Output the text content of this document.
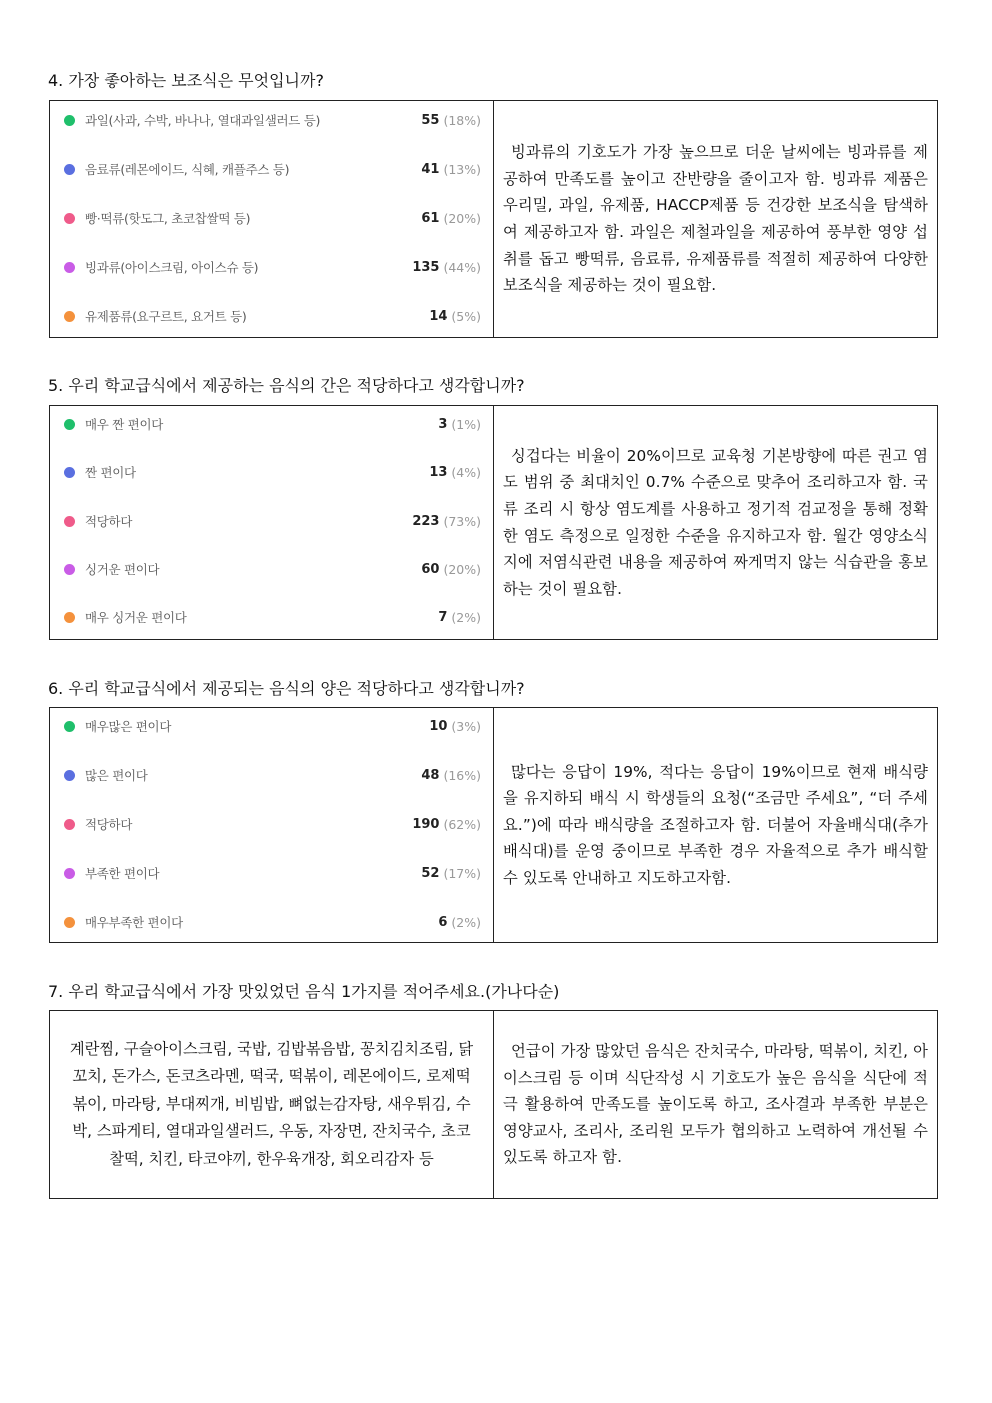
4. 가장 좋아하는 보조식은 무엇입니까?
과일(사과, 수박, 바나나, 열대과일샐러드 등)	55 (18%)
음료류(레몬에이드, 식혜, 캐플주스 등)	41 (13%)
빵·떡류(핫도그, 초코찹쌀떡 등)	61 (20%)
빙과류(아이스크림, 아이스슈 등)	135 (44%)
유제품류(요구르트, 요거트 등)	14 (5%)

빙과류의 기호도가 가장 높으므로 더운 날씨에는 빙과류를 제공하여 만족도를 높이고 잔반량을 줄이고자 함. 빙과류 제품은 우리밀, 과일, 유제품, HACCP제품 등 건강한 보조식을 탐색하여 제공하고자 함. 과일은 제철과일을 제공하여 풍부한 영양 섭취를 돕고 빵떡류, 음료류, 유제품류를 적절히 제공하여 다양한 보조식을 제공하는 것이 필요함.

5. 우리 학교급식에서 제공하는 음식의 간은 적당하다고 생각합니까?
매우 짠 편이다	3 (1%)
짠 편이다	13 (4%)
적당하다	223 (73%)
싱거운 편이다	60 (20%)
매우 싱거운 편이다	7 (2%)

싱겁다는 비율이 20%이므로 교육청 기본방향에 따른 권고 염도 범위 중 최대치인 0.7% 수준으로 맞추어 조리하고자 함. 국류 조리 시 항상 염도계를 사용하고 정기적 검교정을 통해 정확한 염도 측정으로 일정한 수준을 유지하고자 함. 월간 영양소식지에 저염식관련 내용을 제공하여 짜게먹지 않는 식습관을 홍보하는 것이 필요함.

6. 우리 학교급식에서 제공되는 음식의 양은 적당하다고 생각합니까?
매우많은 편이다	10 (3%)
많은 편이다	48 (16%)
적당하다	190 (62%)
부족한 편이다	52 (17%)
매우부족한 편이다	6 (2%)

많다는 응답이 19%, 적다는 응답이 19%이므로 현재 배식량을 유지하되 배식 시 학생들의 요청(“조금만 주세요”, “더 주세요.”)에 따라 배식량을 조절하고자 함. 더불어 자율배식대(추가배식대)를 운영 중이므로 부족한 경우 자율적으로 추가 배식할 수 있도록 안내하고 지도하고자함.

7. 우리 학교급식에서 가장 맛있었던 음식 1가지를 적어주세요.(가나다순)

계란찜, 구슬아이스크림, 국밥, 김밥볶음밥, 꽁치김치조림, 닭꼬치, 돈가스, 돈코츠라멘, 떡국, 떡볶이, 레몬에이드, 로제떡볶이, 마라탕, 부대찌개, 비빔밥, 뼈없는감자탕, 새우튀김, 수박, 스파게티, 열대과일샐러드, 우동, 자장면, 잔치국수, 초코찰떡, 치킨, 타코야끼, 한우육개장, 회오리감자 등

언급이 가장 많았던 음식은 잔치국수, 마라탕, 떡볶이, 치킨, 아이스크림 등 이며 식단작성 시 기호도가 높은 음식을 식단에 적극 활용하여 만족도를 높이도록 하고, 조사결과 부족한 부분은 영양교사, 조리사, 조리원 모두가 협의하고 노력하여 개선될 수 있도록 하고자 함.
